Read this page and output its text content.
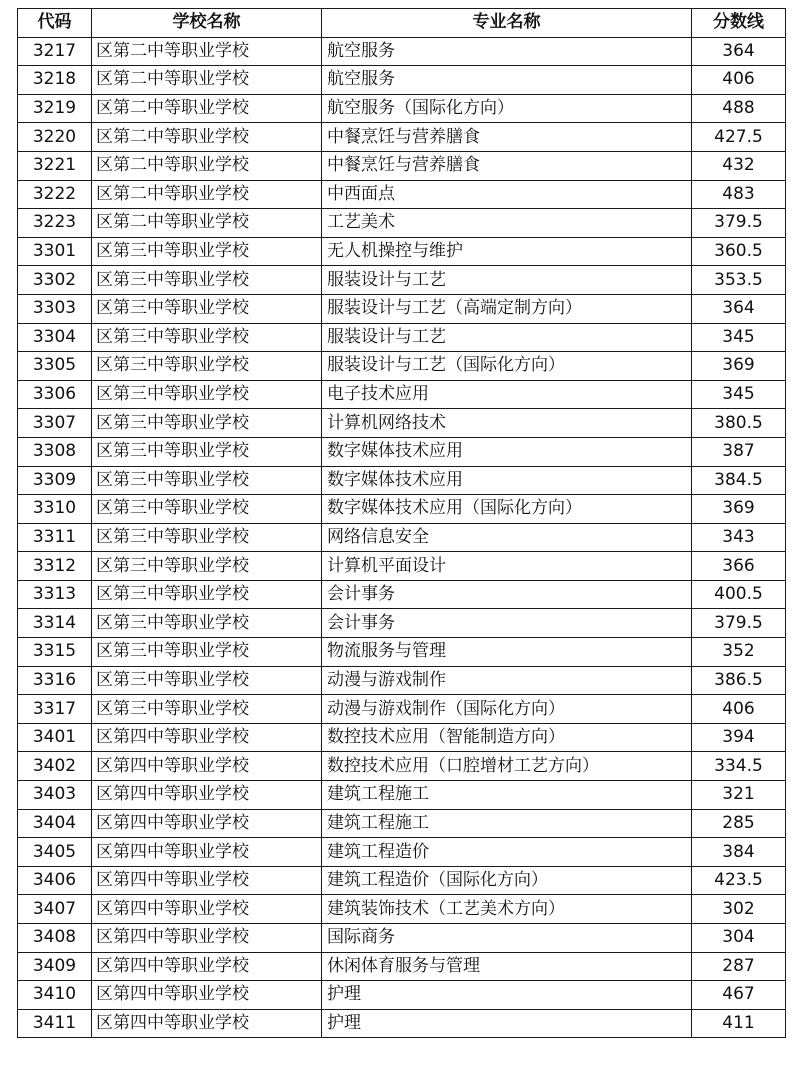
代码	学校名称	专业名称	分数线
3217	区第二中等职业学校	航空服务	364
3218	区第二中等职业学校	航空服务	406
3219	区第二中等职业学校	航空服务（国际化方向）	488
3220	区第二中等职业学校	中餐烹饪与营养膳食	427.5
3221	区第二中等职业学校	中餐烹饪与营养膳食	432
3222	区第二中等职业学校	中西面点	483
3223	区第二中等职业学校	工艺美术	379.5
3301	区第三中等职业学校	无人机操控与维护	360.5
3302	区第三中等职业学校	服装设计与工艺	353.5
3303	区第三中等职业学校	服装设计与工艺（高端定制方向）	364
3304	区第三中等职业学校	服装设计与工艺	345
3305	区第三中等职业学校	服装设计与工艺（国际化方向）	369
3306	区第三中等职业学校	电子技术应用	345
3307	区第三中等职业学校	计算机网络技术	380.5
3308	区第三中等职业学校	数字媒体技术应用	387
3309	区第三中等职业学校	数字媒体技术应用	384.5
3310	区第三中等职业学校	数字媒体技术应用（国际化方向）	369
3311	区第三中等职业学校	网络信息安全	343
3312	区第三中等职业学校	计算机平面设计	366
3313	区第三中等职业学校	会计事务	400.5
3314	区第三中等职业学校	会计事务	379.5
3315	区第三中等职业学校	物流服务与管理	352
3316	区第三中等职业学校	动漫与游戏制作	386.5
3317	区第三中等职业学校	动漫与游戏制作（国际化方向）	406
3401	区第四中等职业学校	数控技术应用（智能制造方向）	394
3402	区第四中等职业学校	数控技术应用（口腔增材工艺方向）	334.5
3403	区第四中等职业学校	建筑工程施工	321
3404	区第四中等职业学校	建筑工程施工	285
3405	区第四中等职业学校	建筑工程造价	384
3406	区第四中等职业学校	建筑工程造价（国际化方向）	423.5
3407	区第四中等职业学校	建筑装饰技术（工艺美术方向）	302
3408	区第四中等职业学校	国际商务	304
3409	区第四中等职业学校	休闲体育服务与管理	287
3410	区第四中等职业学校	护理	467
3411	区第四中等职业学校	护理	411
